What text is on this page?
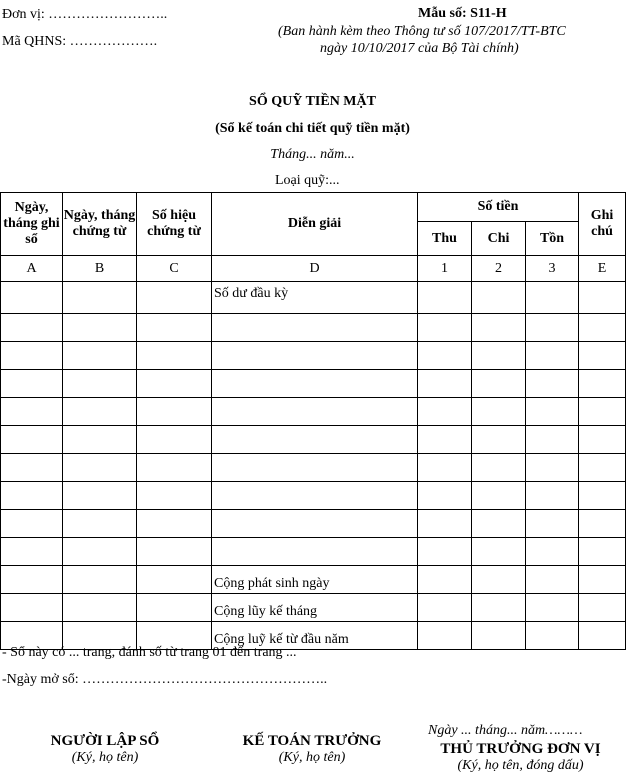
Đơn vị: ……………………..
Mã QHNS: ……………….
Mẫu số: S11-H
(Ban hành kèm theo Thông tư số 107/2017/TT-BTC
ngày 10/10/2017 của Bộ Tài chính)
SỔ QUỸ TIỀN MẶT
(Sổ kế toán chi tiết quỹ tiền mặt)
Tháng... năm...
Loại quỹ:...
Ngày, tháng ghi sổ	Ngày, tháng chứng từ	Số hiệu chứng từ	Diễn giải	Số tiền			Ghi chú
				Thu	Chi	Tồn	
A	B	C	D	1	2	3	E
			Số dư đầu kỳ				

			Cộng phát sinh ngày				
			Cộng lũy kế tháng				
			Cộng luỹ kế từ đầu năm				
- Sổ này có ... trang, đánh số từ trang 01 đến trang ...
-Ngày mở sổ: ……………………………………………..
Ngày ... tháng... năm………
NGƯỜI LẬP SỔ
(Ký, họ tên)
KẾ TOÁN TRƯỞNG
(Ký, họ tên)
THỦ TRƯỞNG ĐƠN VỊ
(Ký, họ tên, đóng dấu)
